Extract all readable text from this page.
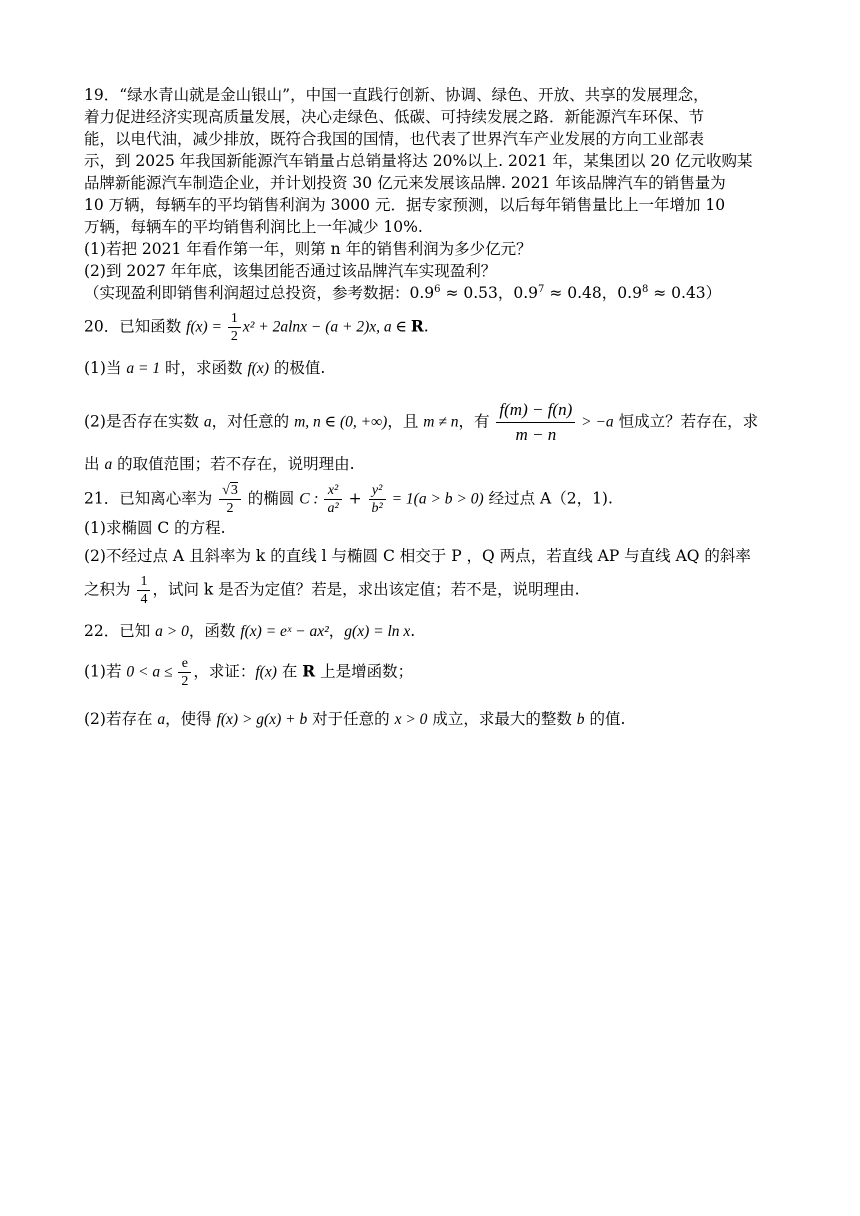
19．“绿水青山就是金山银山”，中国一直践行创新、协调、绿色、开放、共享的发展理念，
着力促进经济实现高质量发展，决心走绿色、低碳、可持续发展之路．新能源汽车环保、节
能，以电代油，减少排放，既符合我国的国情，也代表了世界汽车产业发展的方向工业部表
示，到 2025 年我国新能源汽车销量占总销量将达 20%以上. 2021 年，某集团以 20 亿元收购某
品牌新能源汽车制造企业，并计划投资 30 亿元来发展该品牌. 2021 年该品牌汽车的销售量为
10 万辆，每辆车的平均销售利润为 3000 元．据专家预测，以后每年销售量比上一年增加 10
万辆，每辆车的平均销售利润比上一年减少 10%.
(1)若把 2021 年看作第一年，则第 n 年的销售利润为多少亿元？
(2)到 2027 年年底，该集团能否通过该品牌汽车实现盈利？
（实现盈利即销售利润超过总投资，参考数据：$0.9^6 \approx 0.53$，$0.9^7 \approx 0.48$，$0.9^8 \approx 0.43$）
20．已知函数 $f(x) = \frac{1}{2} x^2 + 2alnx - (a + 2)x$, a ∈ R.
(1)当 a = 1 时，求函数 f(x) 的极值.
(2)是否存在实数 a，对任意的 m, n ∈ (0, +∞)，且 m ≠ n，有 $\frac{f(m) - f(n)}{m - n} > -a$ 恒成立？若存在，求
出 a 的取值范围；若不存在，说明理由.
21．已知离心率为 $\frac{√3}{2}$ 的椭圆 C : $\frac{\text{x²}}{\text{a²}} + \frac{\text{y²}}{\text{b²}} = 1(a > b > 0)$ 经过点 A（2，1).
(1)求椭圆 C 的方程.
(2)不经过点 A 且斜率为 k 的直线 l 与椭圆 C 相交于 P ，Q 两点，若直线 AP 与直线 AQ 的斜率
之积为 $\frac{1}{4}$ ，试问 k 是否为定值？若是，求出该定值；若不是，说明理由.
22．已知 a > 0，函数 f(x) = eˣ − ax²，g(x) = ln x.
(1)若 $0 < a \le \frac{e}{2}$ ，求证：f(x) 在 R 上是增函数；
(2)若存在 a，使得 f(x) > g(x) + b 对于任意的 x > 0 成立，求最大的整数 b 的值.
